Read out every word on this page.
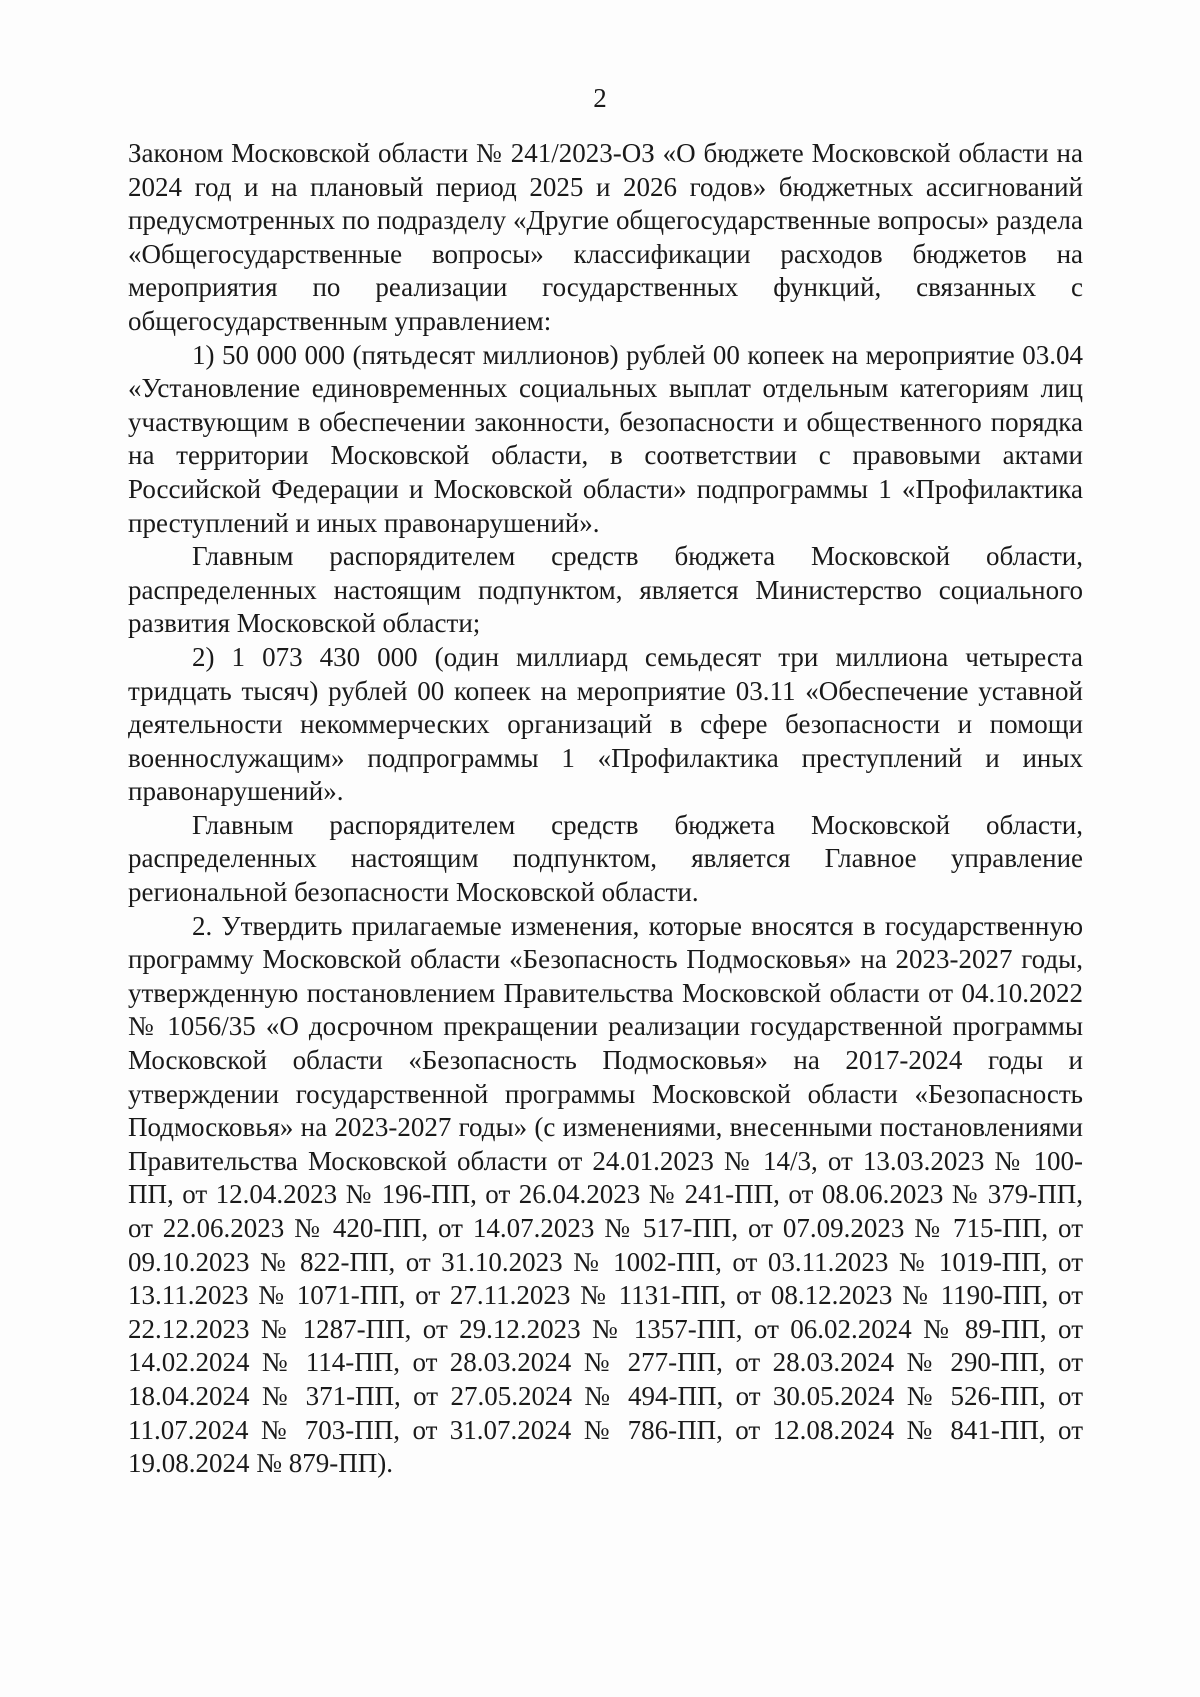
2

Законом Московской области № 241/2023-ОЗ «О бюджете Московской области на 2024 год и на плановый период 2025 и 2026 годов» бюджетных ассигнований предусмотренных по подразделу «Другие общегосударственные вопросы» раздела «Общегосударственные вопросы» классификации расходов бюджетов на мероприятия по реализации государственных функций, связанных с общегосударственным управлением:

1) 50 000 000 (пятьдесят миллионов) рублей 00 копеек на мероприятие 03.04 «Установление единовременных социальных выплат отдельным категориям лиц участвующим в обеспечении законности, безопасности и общественного порядка на территории Московской области, в соответствии с правовыми актами Российской Федерации и Московской области» подпрограммы 1 «Профилактика преступлений и иных правонарушений».

Главным распорядителем средств бюджета Московской области, распределенных настоящим подпунктом, является Министерство социального развития Московской области;

2) 1 073 430 000 (один миллиард семьдесят три миллиона четыреста тридцать тысяч) рублей 00 копеек на мероприятие 03.11 «Обеспечение уставной деятельности некоммерческих организаций в сфере безопасности и помощи военнослужащим» подпрограммы 1 «Профилактика преступлений и иных правонарушений».

Главным распорядителем средств бюджета Московской области, распределенных настоящим подпунктом, является Главное управление региональной безопасности Московской области.

2. Утвердить прилагаемые изменения, которые вносятся в государственную программу Московской области «Безопасность Подмосковья» на 2023-2027 годы, утвержденную постановлением Правительства Московской области от 04.10.2022 № 1056/35 «О досрочном прекращении реализации государственной программы Московской области «Безопасность Подмосковья» на 2017-2024 годы и утверждении государственной программы Московской области «Безопасность Подмосковья» на 2023-2027 годы» (с изменениями, внесенными постановлениями Правительства Московской области от 24.01.2023 № 14/3, от 13.03.2023 № 100-ПП, от 12.04.2023 № 196-ПП, от 26.04.2023 № 241-ПП, от 08.06.2023 № 379-ПП, от 22.06.2023 № 420-ПП, от 14.07.2023 № 517-ПП, от 07.09.2023 № 715-ПП, от 09.10.2023 № 822-ПП, от 31.10.2023 № 1002-ПП, от 03.11.2023 № 1019-ПП, от 13.11.2023 № 1071-ПП, от 27.11.2023 № 1131-ПП, от 08.12.2023 № 1190-ПП, от 22.12.2023 № 1287-ПП, от 29.12.2023 № 1357-ПП, от 06.02.2024 № 89-ПП, от 14.02.2024 № 114-ПП, от 28.03.2024 № 277-ПП, от 28.03.2024 № 290-ПП, от 18.04.2024 № 371-ПП, от 27.05.2024 № 494-ПП, от 30.05.2024 № 526-ПП, от 11.07.2024 № 703-ПП, от 31.07.2024 № 786-ПП, от 12.08.2024 № 841-ПП, от 19.08.2024 № 879-ПП).
